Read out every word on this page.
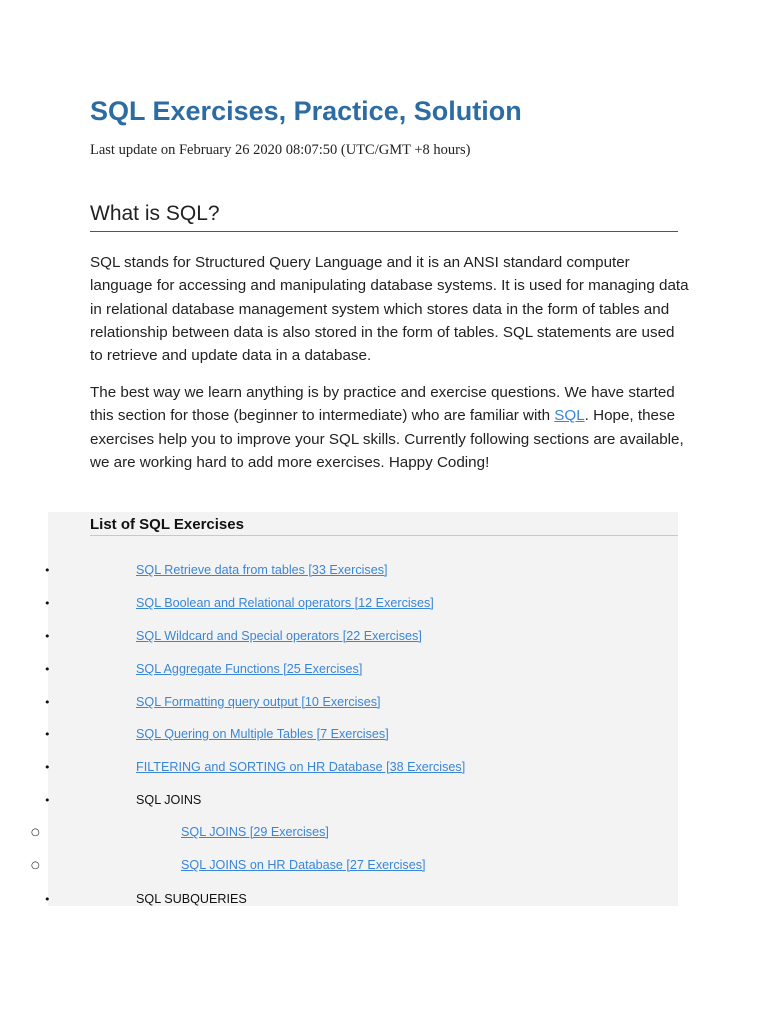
SQL Exercises, Practice, Solution

Last update on February 26 2020 08:07:50 (UTC/GMT +8 hours)

What is SQL?

SQL stands for Structured Query Language and it is an ANSI standard computer language for accessing and manipulating database systems. It is used for managing data in relational database management system which stores data in the form of tables and relationship between data is also stored in the form of tables. SQL statements are used to retrieve and update data in a database.

The best way we learn anything is by practice and exercise questions. We have started this section for those (beginner to intermediate) who are familiar with SQL. Hope, these exercises help you to improve your SQL skills. Currently following sections are available, we are working hard to add more exercises. Happy Coding!

List of SQL Exercises
•	SQL Retrieve data from tables [33 Exercises]
•	SQL Boolean and Relational operators [12 Exercises]
•	SQL Wildcard and Special operators [22 Exercises]
•	SQL Aggregate Functions [25 Exercises]
•	SQL Formatting query output [10 Exercises]
•	SQL Quering on Multiple Tables [7 Exercises]
•	FILTERING and SORTING on HR Database [38 Exercises]
•	SQL JOINS
○	SQL JOINS [29 Exercises]
○	SQL JOINS on HR Database [27 Exercises]
•	SQL SUBQUERIES
